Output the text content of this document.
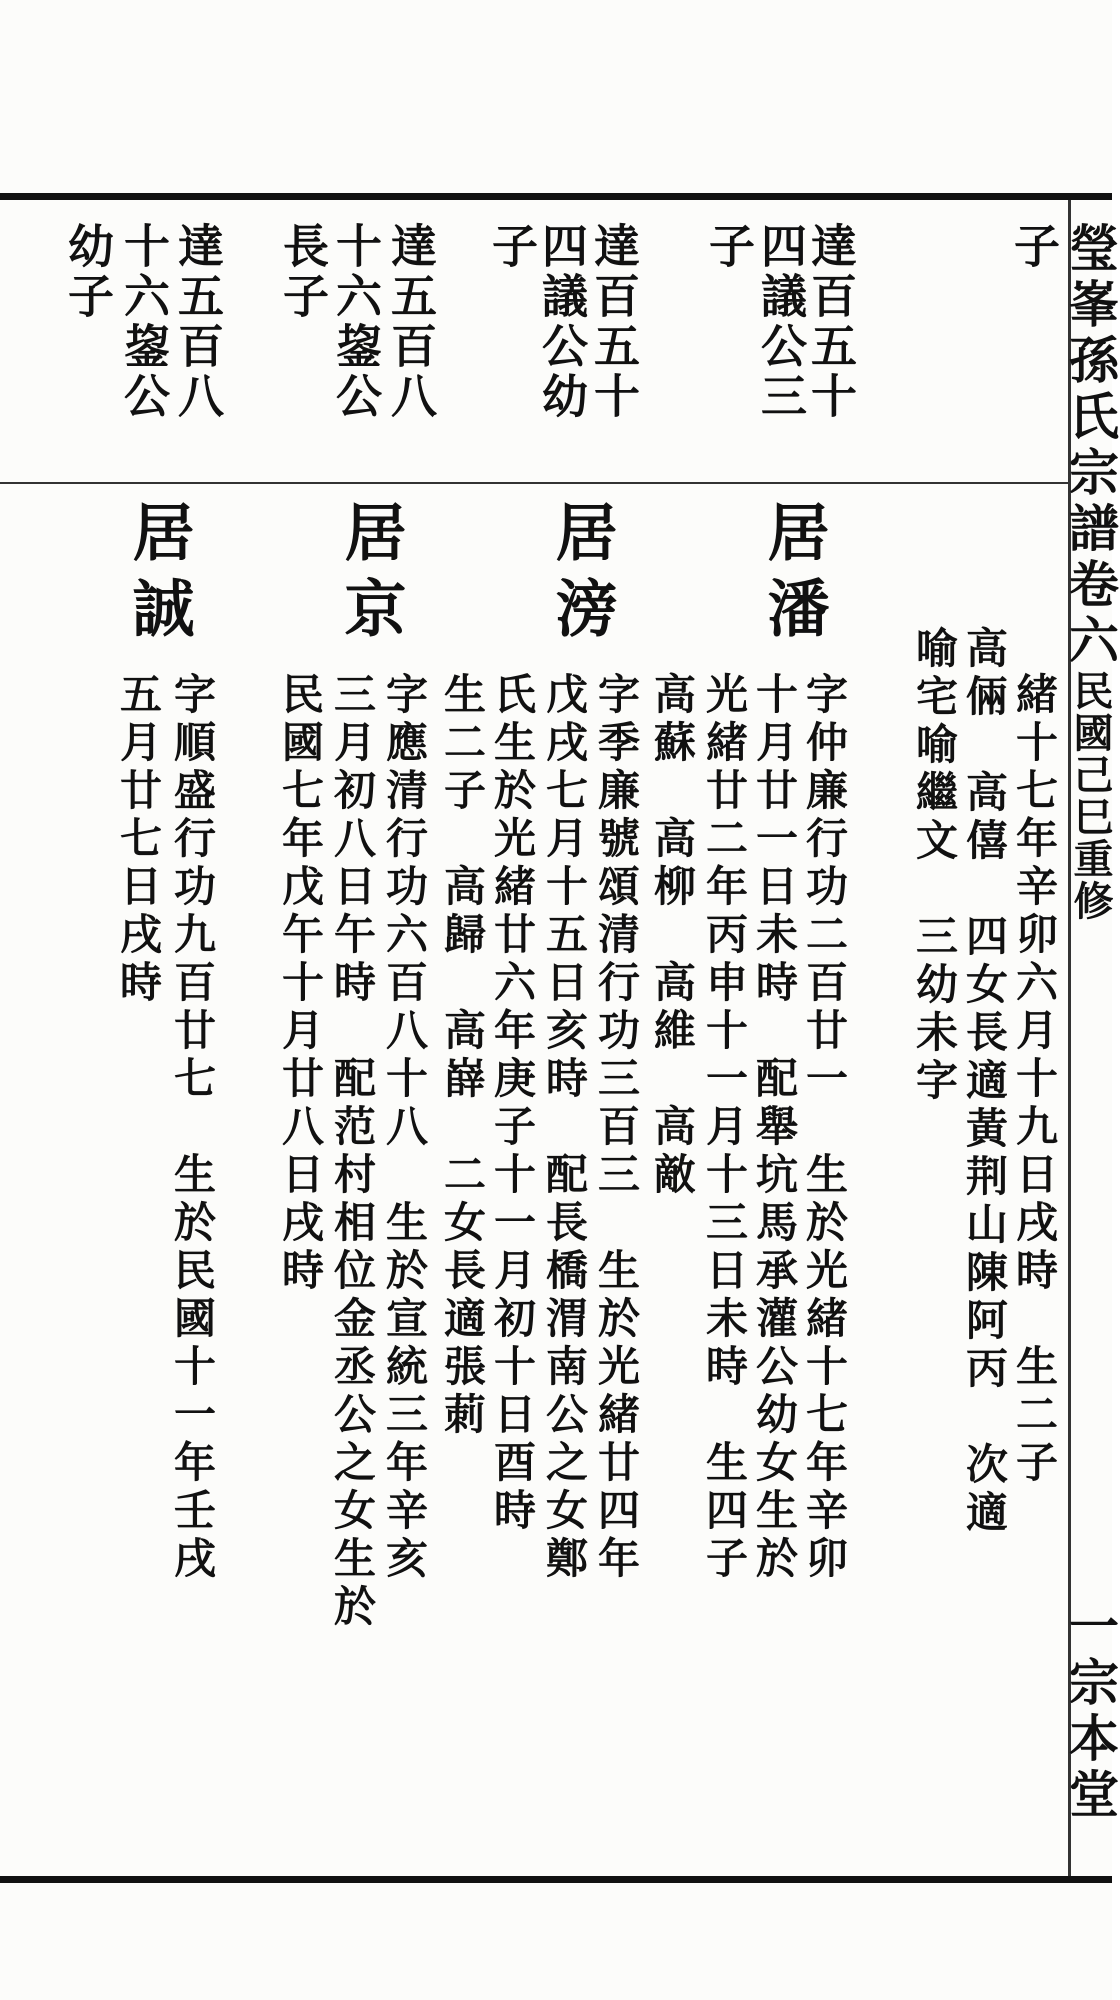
瑩峯孫氏宗譜卷六民國己巳重修
一宗本堂
子
達百五十
四議公三
子
達百五十
四議公幼
子
達五百八
十六鋆公
長子
達五百八
十六鋆公
幼子
居潘
居滂
居京
居誠
緒十七年辛卯六月十九日戌時　生二子
高倆　高僖　四女長適黃荆山陳阿丙　次適
喻宅喻繼文　三幼未字
字仲廉行功二百廿一　生於光緒十七年辛卯
十月廿一日未時　配舉坑馬承灌公幼女生於
光緒廿二年丙申十一月十三日未時　生四子
高蘇　高柳　高維　高敵
字季廉號頌清行功三百三　生於光緒廿四年
戊戌七月十五日亥時　配長橋渭南公之女鄭
氏生於光緒廿六年庚子十一月初十日酉時
生二子　高歸　高嶭　二女長適張莿
字應清行功六百八十八　生於宣統三年辛亥
三月初八日午時　配范村相位金丞公之女生於
民國七年戊午十月廿八日戌時
字順盛行功九百廿七　生於民國十一年壬戌
五月廿七日戌時
